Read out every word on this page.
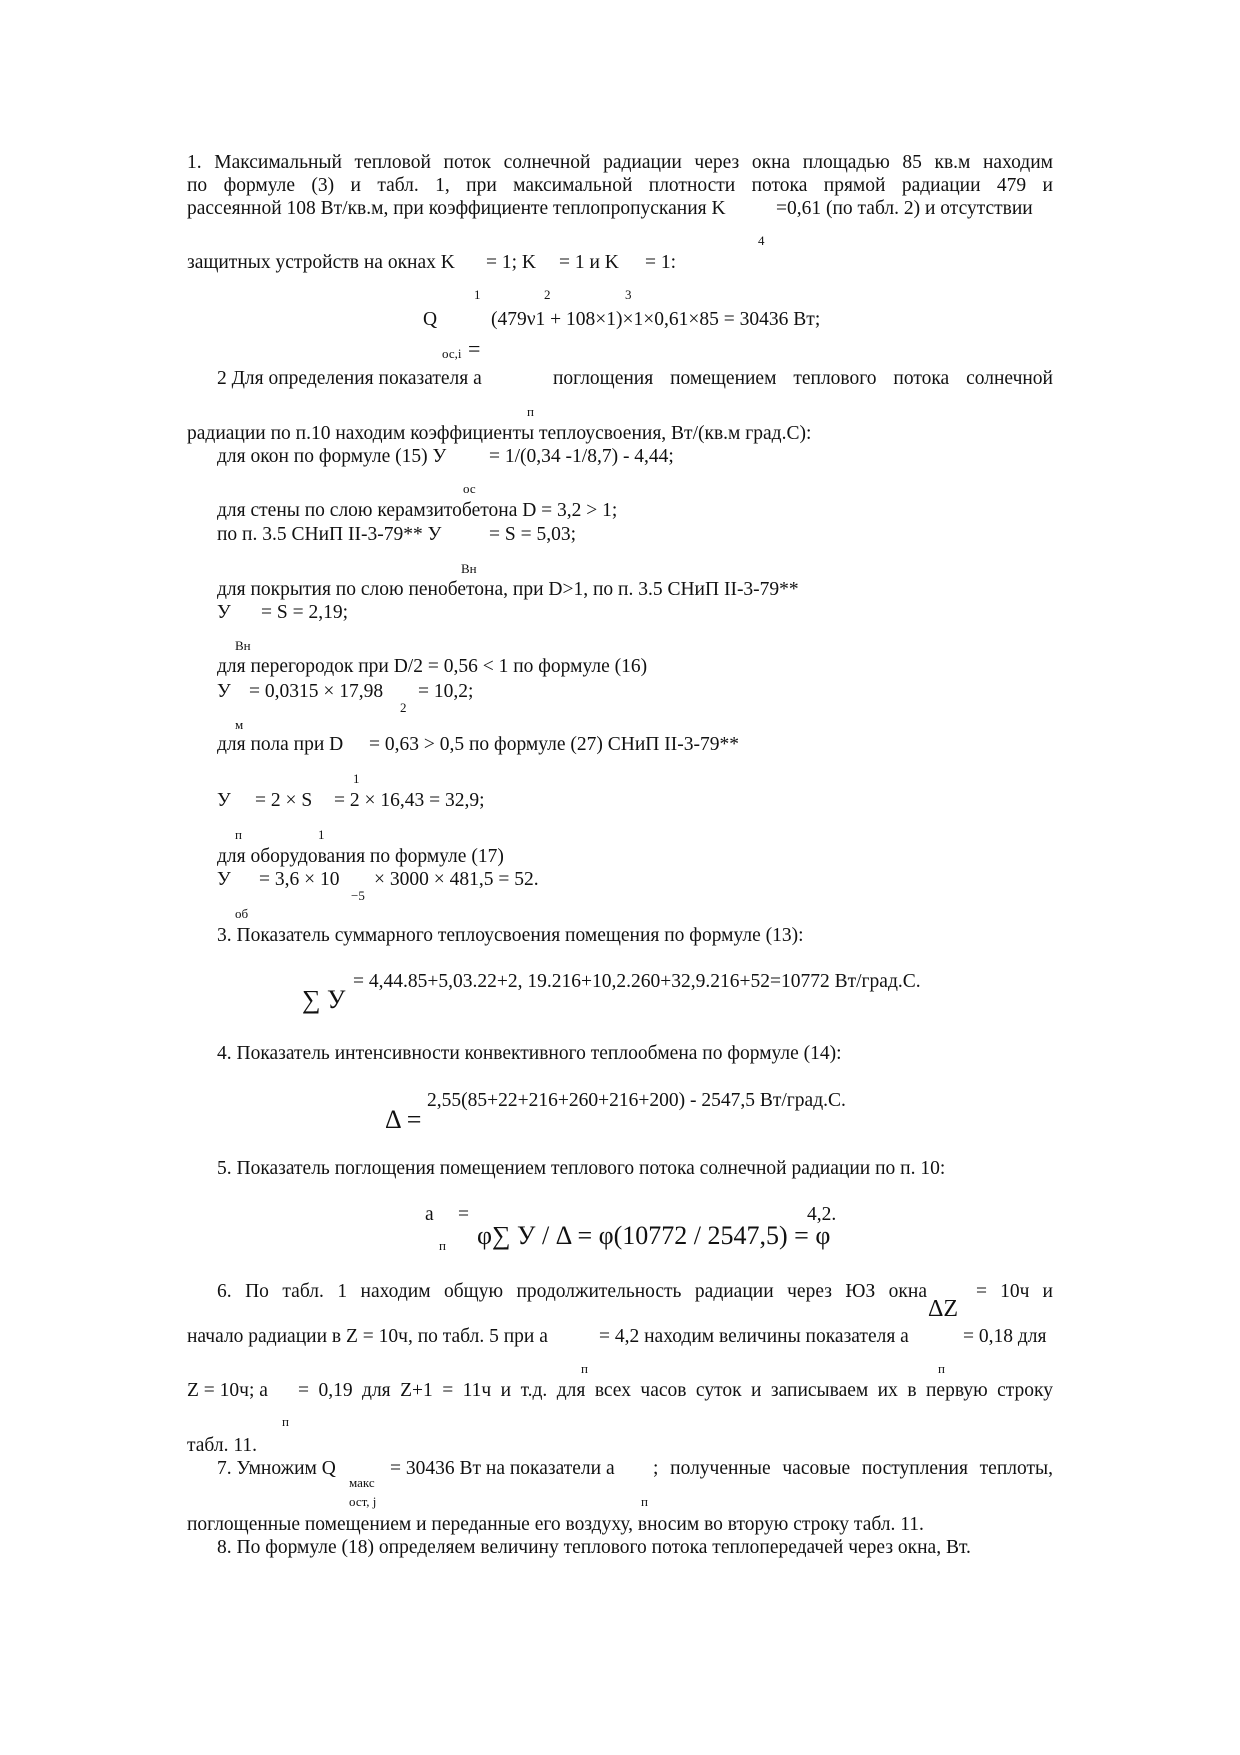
1. Максимальный тепловой поток солнечной радиации через окна площадью 85 кв.м находим
по формуле (3) и табл. 1, при максимальной плотности потока прямой радиации 479 и
рассеянной 108 Вт/кв.м, при коэффициенте теплопропускания K	=0,61 (по табл. 2) и отсутствии
4
защитных устройств на окнах K = 1; K = 1 и K = 1:
1	2	3
Q	(479ν1 + 108×1)×1×0,61×85 = 30436 Вт;
ос,i =
2 Для определения показателя a	поглощения помещением теплового потока солнечной
п
радиации по п.10 находим коэффициенты теплоусвоения, Вт/(кв.м град.С):
для окон по формуле (15) У = 1/(0,34 -1/8,7) - 4,44;
ос
для стены по слою керамзитобетона D = 3,2 > 1;
по п. 3.5 СНиП II-3-79** У = S = 5,03;
Вн
для покрытия по слою пенобетона, при D>1, по п. 3.5 СНиП II-3-79**
У = S = 2,19;
Вн
для перегородок при D/2 = 0,56 < 1 по формуле (16)
У = 0,0315 × 17,98 = 10,2;
2
м
для пола при D = 0,63 > 0,5 по формуле (27) СНиП II-3-79**
1
У = 2 × S = 2 × 16,43 = 32,9;
п	1
для оборудования по формуле (17)
У = 3,6 × 10 × 3000 × 481,5 = 52.
−5
об
3. Показатель суммарного теплоусвоения помещения по формуле (13):
∑ У
= 4,44.85+5,03.22+2, 19.216+10,2.260+32,9.216+52=10772 Вт/град.С.
4. Показатель интенсивности конвективного теплообмена по формуле (14):
Δ =
2,55(85+22+216+260+216+200) - 2547,5 Вт/град.С.
5. Показатель поглощения помещением теплового потока солнечной радиации по п. 10:
a =
п φ∑ У / Δ = φ(10772 / 2547,5) = φ
4,2.
6. По табл. 1 находим общую продолжительность радиации через ЮЗ окна	= 10ч и
ΔZ
начало радиации в Z = 10ч, по табл. 5 при a	= 4,2 находим величины показателя a	= 0,18 для
п	п
Z = 10ч; a = 0,19 для Z+1 = 11ч и т.д. для всех часов суток и записываем их в первую строку
п
табл. 11.
7. Умножим Q	= 30436 Вт на показатели a ; полученные часовые поступления теплоты,
макс
ост, j	п
поглощенные помещением и переданные его воздуху, вносим во вторую строку табл. 11.
8. По формуле (18) определяем величину теплового потока теплопередачей через окна, Вт.
